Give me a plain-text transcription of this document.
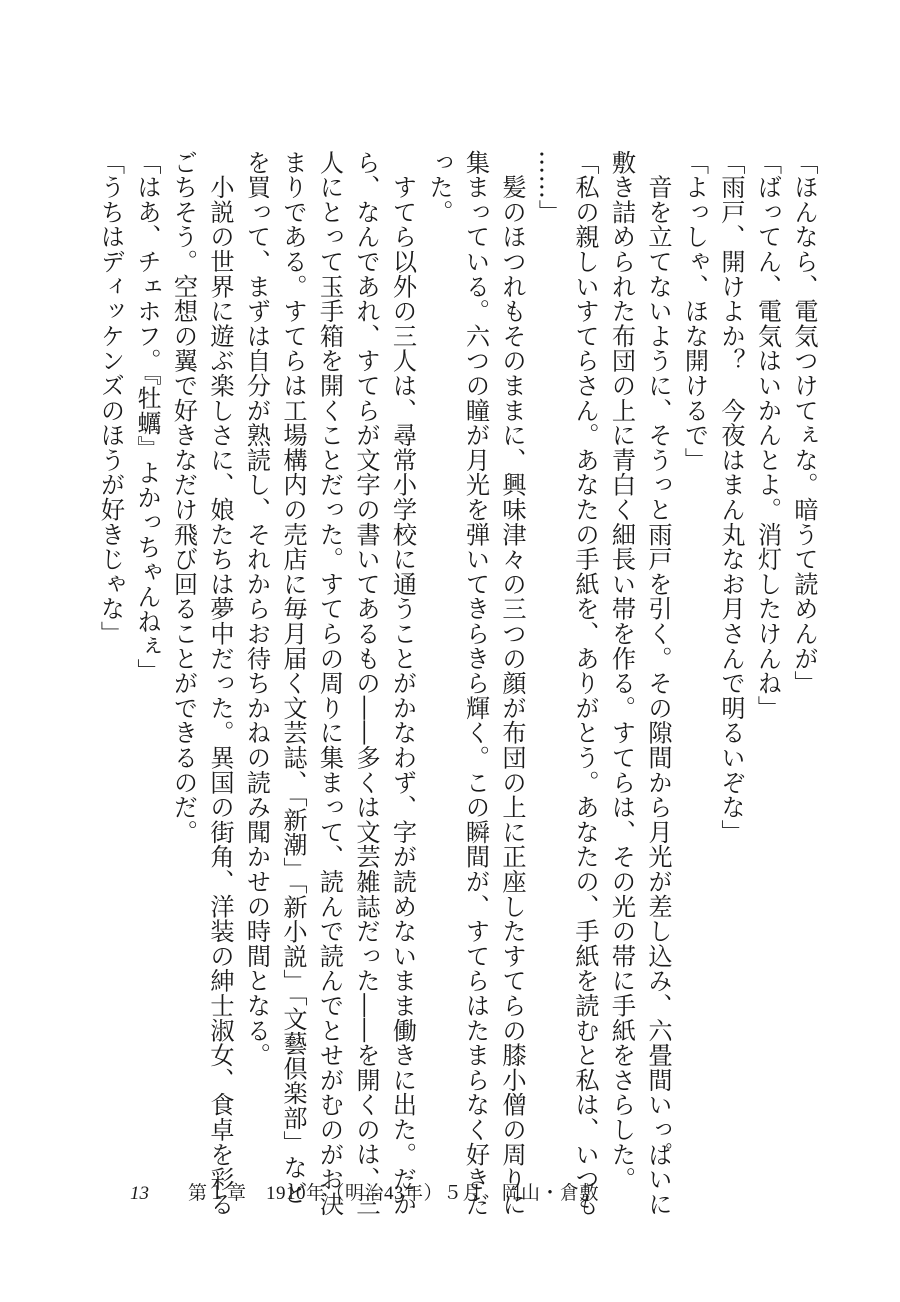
「ほんなら、電気つけてぇな。暗うて読めんが」
「ばってん、電気はいかんとよ。消灯したけんね」
「雨戸、開けよか？　今夜はまん丸なお月さんで明るいぞな」
「よっしゃ、ほな開けるで」
　音を立てないように、そうっと雨戸を引く。その隙間から月光が差し込み、六畳間いっぱいに
敷き詰められた布団の上に青白く細長い帯を作る。すてらは、その光の帯に手紙をさらした。
「私の親しいすてらさん。あなたの手紙を、ありがとう。あなたの、手紙を読むと私は、いつも
……」
　髪のほつれもそのままに、興味津々の三つの顔が布団の上に正座したすてらの膝小僧の周りに
集まっている。六つの瞳が月光を弾いてきらきら輝く。この瞬間が、すてらはたまらなく好きだ
った。
　すてら以外の三人は、尋常小学校に通うことがかなわず、字が読めないまま働きに出た。だか
ら、なんであれ、すてらが文字の書いてあるもの――多くは文芸雑誌だった――を開くのは、三
人にとって玉手箱を開くことだった。すてらの周りに集まって、読んで読んでとせがむのがお決
まりである。すてらは工場構内の売店に毎月届く文芸誌、「新潮」「新小説」「文藝倶楽部」など
を買って、まずは自分が熟読し、それからお待ちかねの読み聞かせの時間となる。
　小説の世界に遊ぶ楽しさに、娘たちは夢中だった。異国の街角、洋装の紳士淑女、食卓を彩る
ごちそう。空想の翼で好きなだけ飛び回ることができるのだ。
「はあ、チェホフ。『牡蠣』よかっちゃんねぇ」
「うちはディッケンズのほうが好きじゃな」
13	第１章　1910年（明治43年）５月　岡山・倉敷
